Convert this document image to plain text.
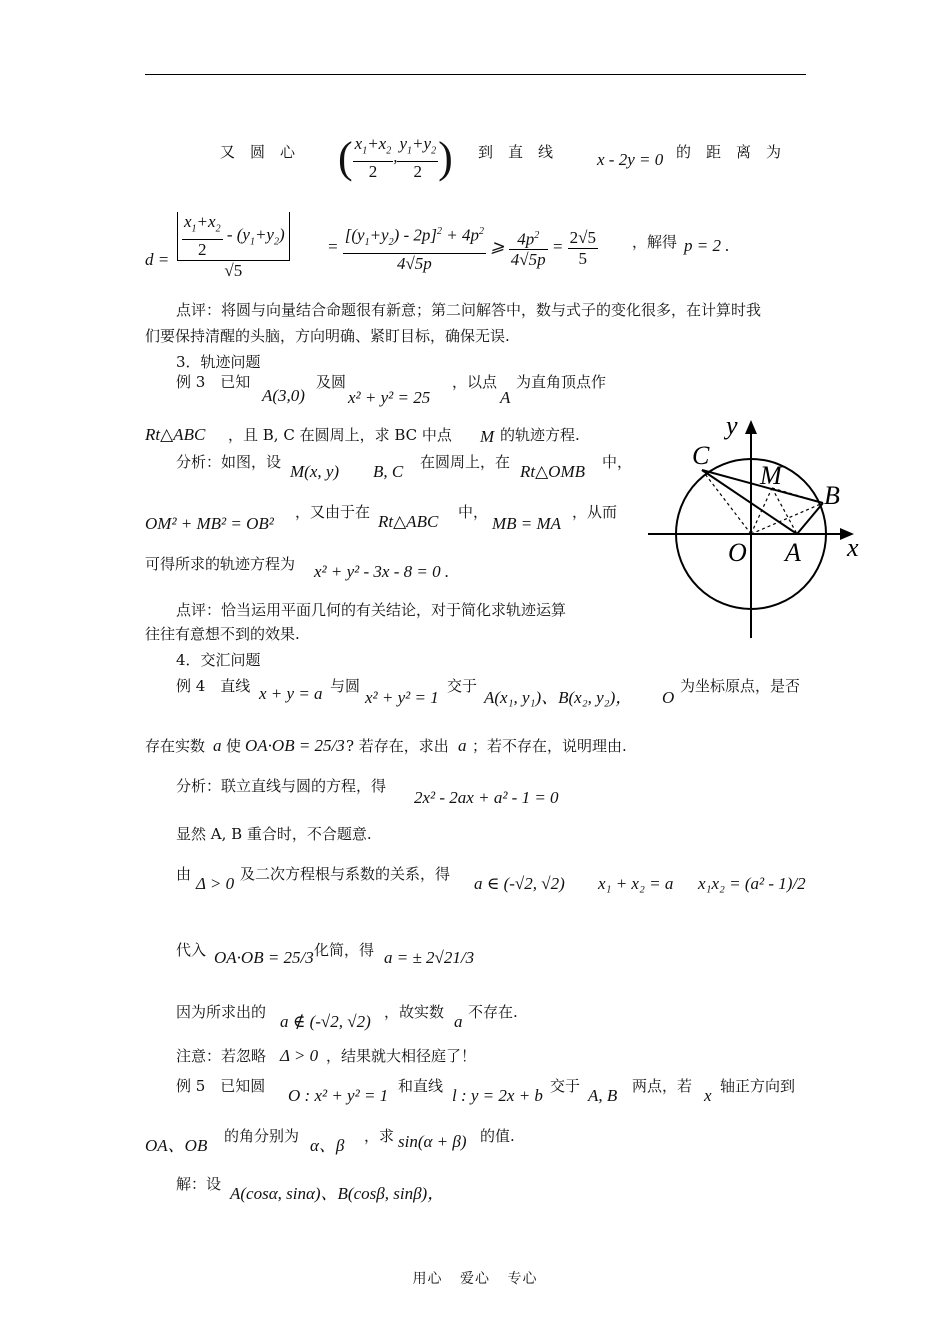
又　圆　心 ( $\frac{x_1+x_2}{2}$ , $\frac{y_1+y_2}{2}$ ) 到　直　线	x - 2y = 0 的　距　离　为
$d = \frac{\frac{x_1+x_2}{2} - (y_1+y_2)}{√5} = \frac{[(y_1+y_2) - 2p]^2 + 4p^2}{4√5p}$ ⩾ $\frac{4p^2}{4√5p} = \frac{2√5}{5}$ ，解得 p = 2 .
点评：将圆与向量结合命题很有新意；第二问解答中，数与式子的变化很多，在计算时我
们要保持清醒的头脑，方向明确、紧盯目标，确保无误.
3．轨迹问题
例 3　已知
A(3,0)
及圆
x² + y² = 25
，以点
A
为直角顶点作
Rt△ABC ，且 B, C 在圆周上，求 BC 中点 M 的轨迹方程.
分析：如图，设 M(x, y) B, C 在圆周上，在 Rt△OMB 中，
OM² + MB² = OB²
，又由于在 Rt△ABC 中，
MB = MA
，从而
可得所求的轨迹方程为 x² + y² - 3x - 8 = 0 .
点评：恰当运用平面几何的有关结论，对于简化求轨迹运算
往往有意想不到的效果.
y
C
M
B
O A x
4．交汇问题
例 4　直线 x + y = a 与圆
x² + y² = 1
交于
A(x₁, y₁)、B(x₂, y₂)， O
为坐标原点，是否
存在实数 a 使 OA·OB = 25/3 ? 若存在，求出 a ；若不存在，说明理由.
分析：联立直线与圆的方程，得
2x² - 2ax + a² - 1 = 0
显然 A, B 重合时，不合题意.
由 Δ > 0 及二次方程根与系数的关系，得 a ∈ (-√2, √2) x₁ + x₂ = a x₁x₂ = (a² - 1)/2
代入 OA·OB = 25/3 化简，得 a = ± 2√21/3
因为所求出的 a ∉ (-√2, √2) ，故实数 a 不存在.
注意：若忽略 Δ > 0 ，结果就大相径庭了！
例 5　已知圆 O : x² + y² = 1 和直线 l : y = 2x + b 交于 A, B 两点，若 x 轴正方向到
OA、OB 的角分别为 α、β ，求 sin(α + β) 的值.
解：设 A(cosα, sinα)、B(cosβ, sinβ)，
用心 爱心 专心
